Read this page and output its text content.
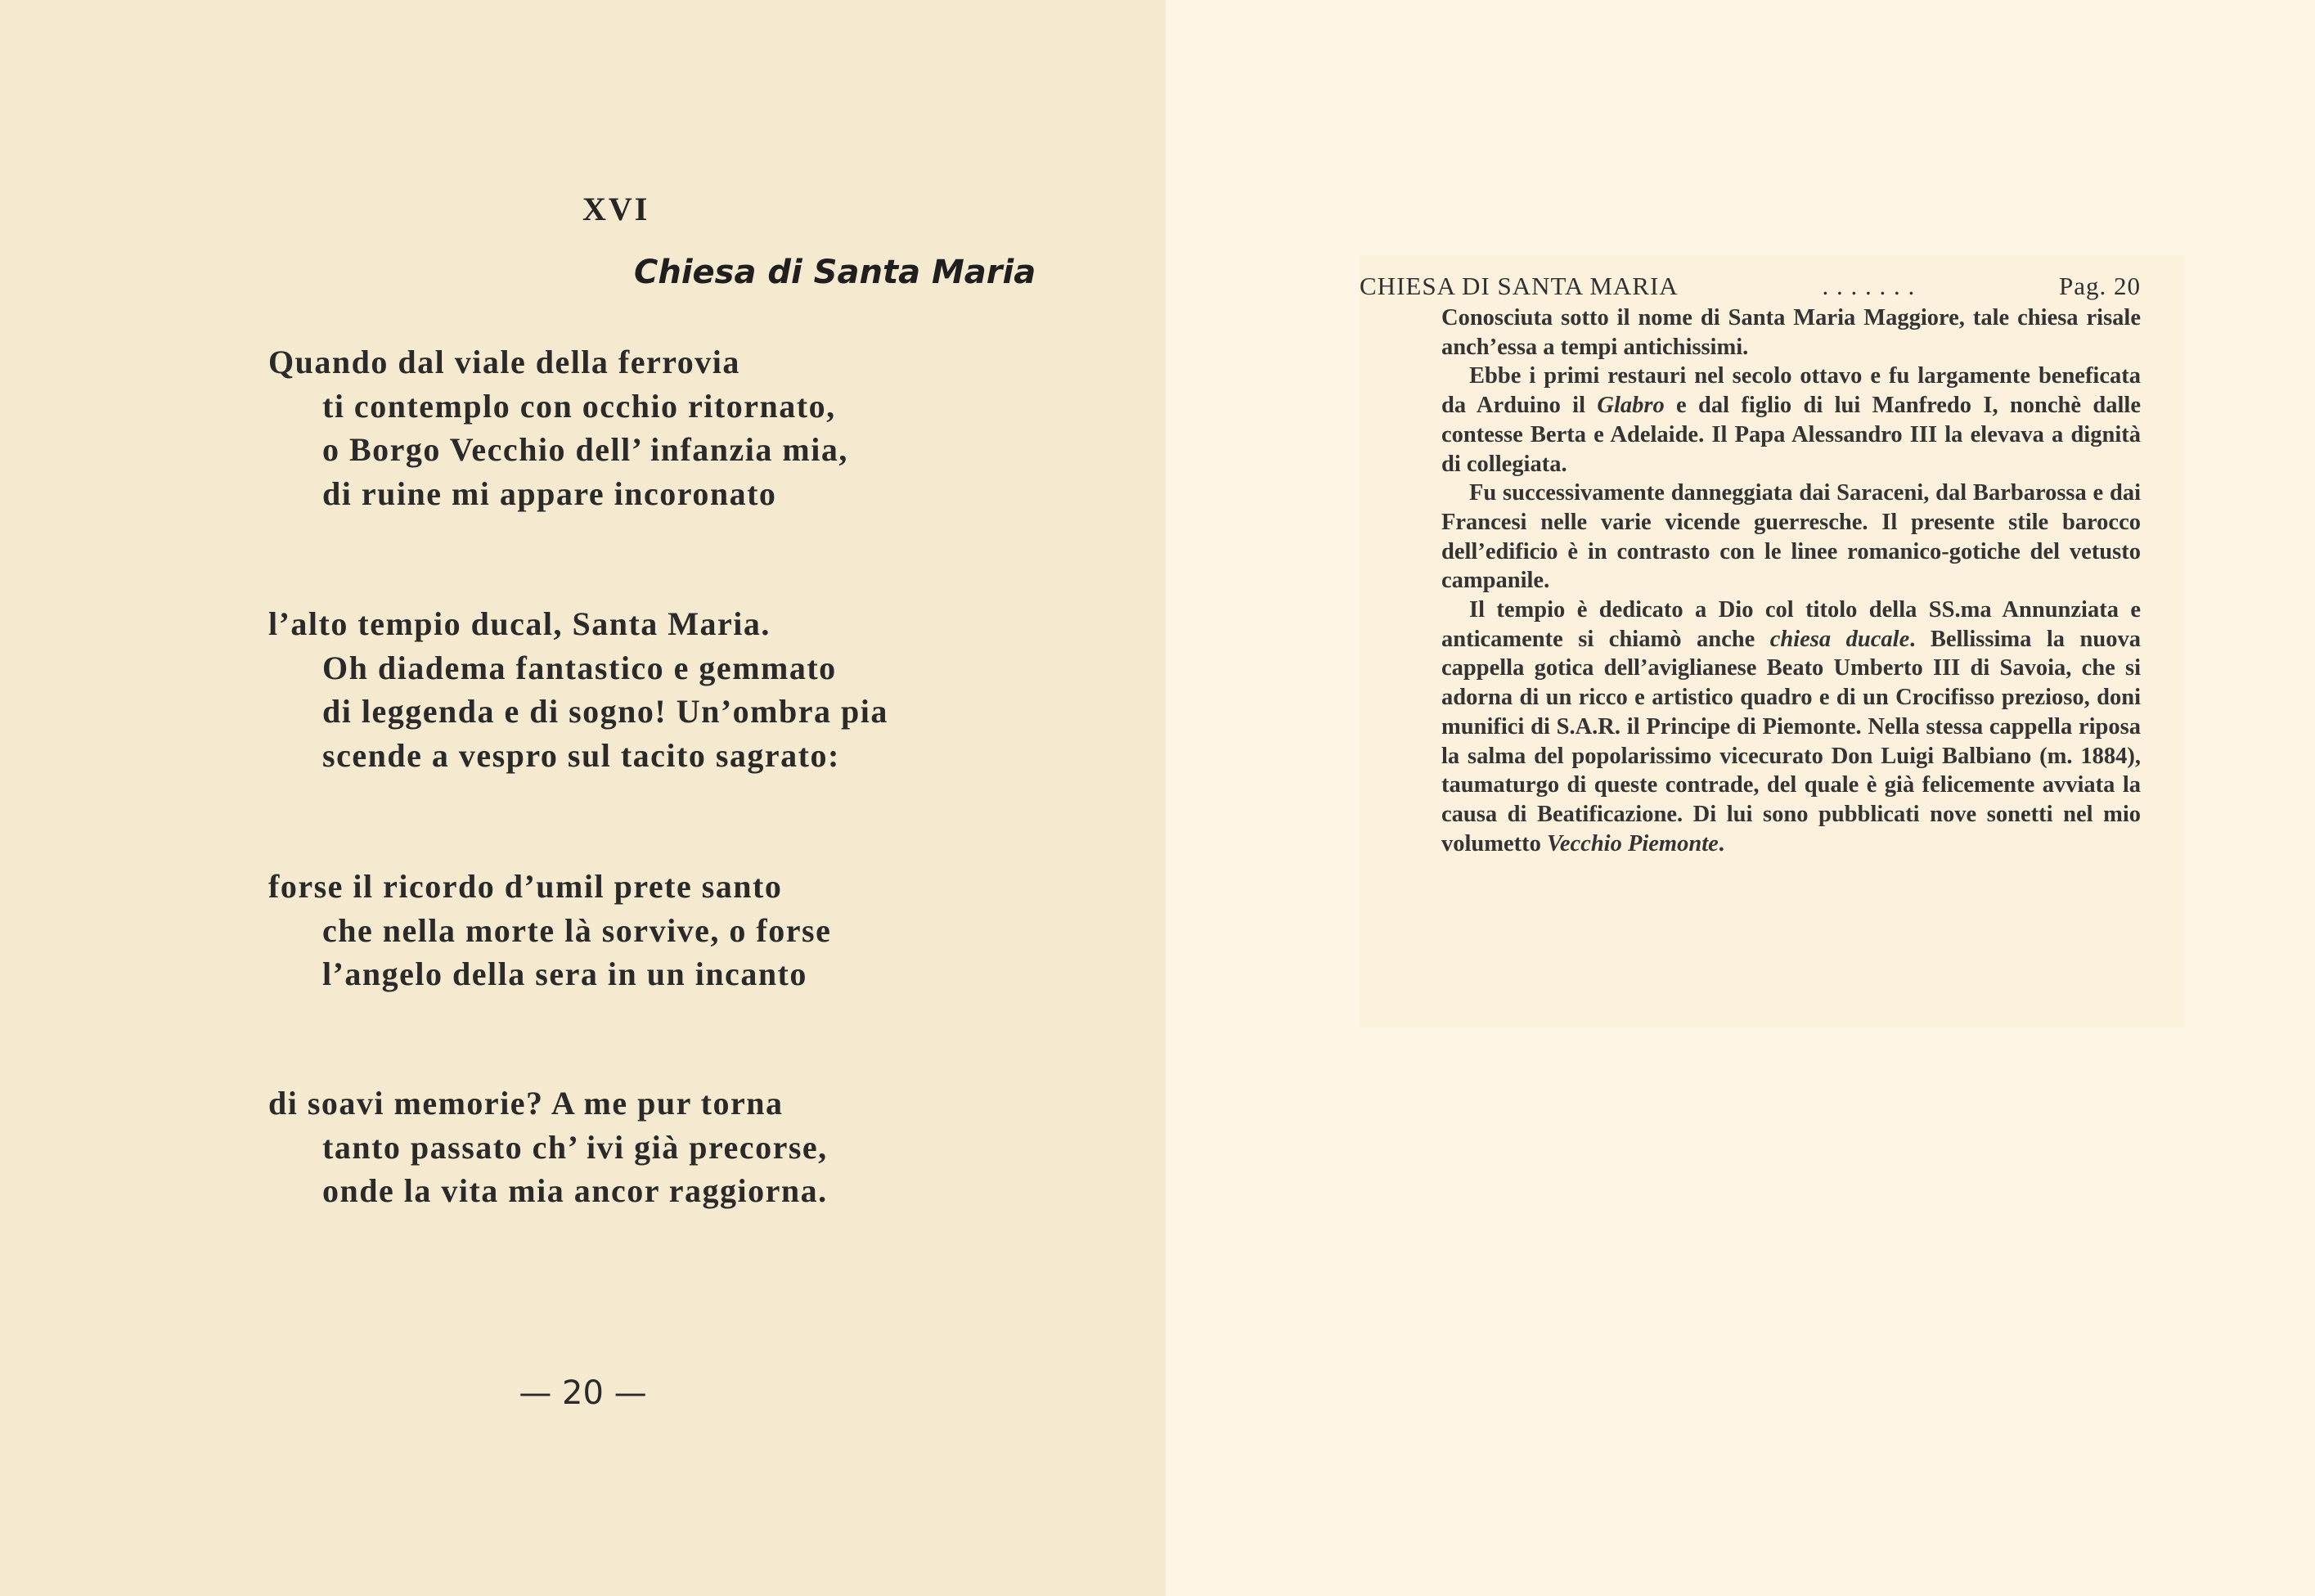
XVI
Chiesa di Santa Maria
Quando dal viale della ferrovia
ti contemplo con occhio ritornato,
o Borgo Vecchio dell’ infanzia mia,
di ruine mi appare incoronato
l’alto tempio ducal, Santa Maria.
Oh diadema fantastico e gemmato
di leggenda e di sogno! Un’ombra pia
scende a vespro sul tacito sagrato:
forse il ricordo d’umil prete santo
che nella morte là sorvive, o forse
l’angelo della sera in un incanto
di soavi memorie? A me pur torna
tanto passato ch’ ivi già precorse,
onde la vita mia ancor raggiorna.
— 20 —
CHIESA DI SANTA MARIA	. . . . . . .	Pag. 20

Conosciuta sotto il nome di Santa Maria Maggiore, tale chiesa risale anch’essa a tempi antichissimi.

Ebbe i primi restauri nel secolo ottavo e fu largamente beneficata da Arduino il Glabro e dal figlio di lui Manfredo I, nonchè dalle contesse Berta e Adelaide. Il Papa Alessandro III la elevava a dignità di collegiata.

Fu successivamente danneggiata dai Saraceni, dal Barbarossa e dai Francesi nelle varie vicende guerresche. Il presente stile barocco dell’edificio è in contrasto con le linee romanico-gotiche del vetusto campanile.

Il tempio è dedicato a Dio col titolo della SS.ma Annunziata e anticamente si chiamò anche chiesa ducale. Bellissima la nuova cappella gotica dell’aviglianese Beato Umberto III di Savoia, che si adorna di un ricco e artistico quadro e di un Crocifisso prezioso, doni munifici di S.A.R. il Principe di Piemonte. Nella stessa cappella riposa la salma del popolarissimo vicecurato Don Luigi Balbiano (m. 1884), taumaturgo di queste contrade, del quale è già felicemente avviata la causa di Beatificazione. Di lui sono pubblicati nove sonetti nel mio volumetto Vecchio Piemonte.
